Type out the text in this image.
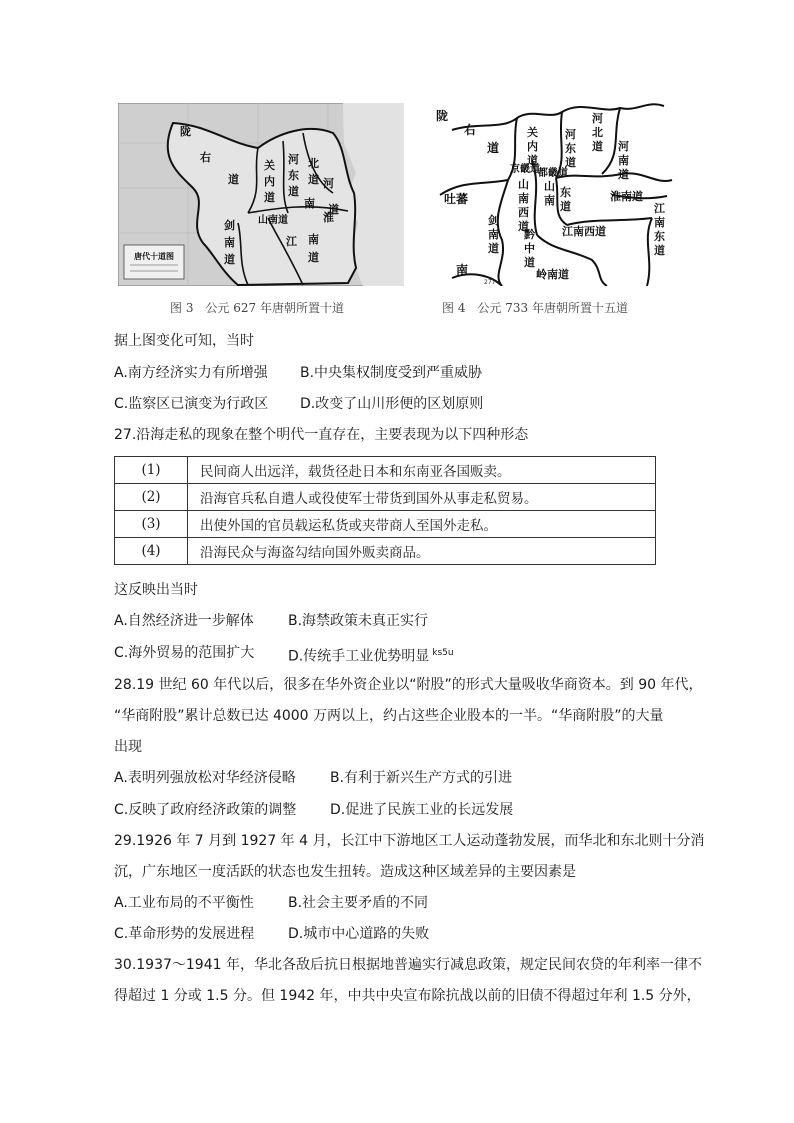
唐代十道图
陇
右
道
关
内
道
河
东
道
北
道 河
道
南
山南道
剑
南
道
江 南
道
淮
图 3　公元 627 年唐朝所置十道
陇
右
道
吐蕃
关
内
道
河
东
道
河
北
道 河
南
道
京畿道
都畿道
山
南
西
道
山
南
东
道
淮南道
剑
南
道
黔
中
道
江南西道
江
南
东
道
南	岭南道
277
图 4　公元 733 年唐朝所置十五道
据上图变化可知，当时
A.南方经济实力有所增强 B.中央集权制度受到严重威胁
C.监察区已演变为行政区 D.改变了山川形便的区划原则
27.沿海走私的现象在整个明代一直存在，主要表现为以下四种形态
(1)	民间商人出远洋，载货径赴日本和东南亚各国贩卖。
(2)	沿海官兵私自遣人或役使军士带货到国外从事走私贸易。
(3)	出使外国的官员载运私货或夹带商人至国外走私。
(4)	沿海民众与海盗勾结向国外贩卖商品。
这反映出当时
A.自然经济进一步解体 B.海禁政策未真正实行
C.海外贸易的范围扩大 D.传统手工业优势明显 $^{ks5u}$
28.19 世纪 60 年代以后，很多在华外资企业以“附股”的形式大量吸收华商资本。到 90 年代，
“华商附股”累计总数已达 4000 万两以上，约占这些企业股本的一半。“华商附股”的大量
出现
A.表明列强放松对华经济侵略 B.有利于新兴生产方式的引进
C.反映了政府经济政策的调整 D.促进了民族工业的长远发展
29.1926 年 7 月到 1927 年 4 月，长江中下游地区工人运动蓬勃发展，而华北和东北则十分消
沉，广东地区一度活跃的状态也发生扭转。造成这种区域差异的主要因素是
A.工业布局的不平衡性 B.社会主要矛盾的不同
C.革命形势的发展进程 D.城市中心道路的失败
30.1937～1941 年，华北各敌后抗日根据地普遍实行减息政策，规定民间农贷的年利率一律不
得超过 1 分或 1.5 分。但 1942 年，中共中央宣布除抗战以前的旧债不得超过年利 1.5 分外，
